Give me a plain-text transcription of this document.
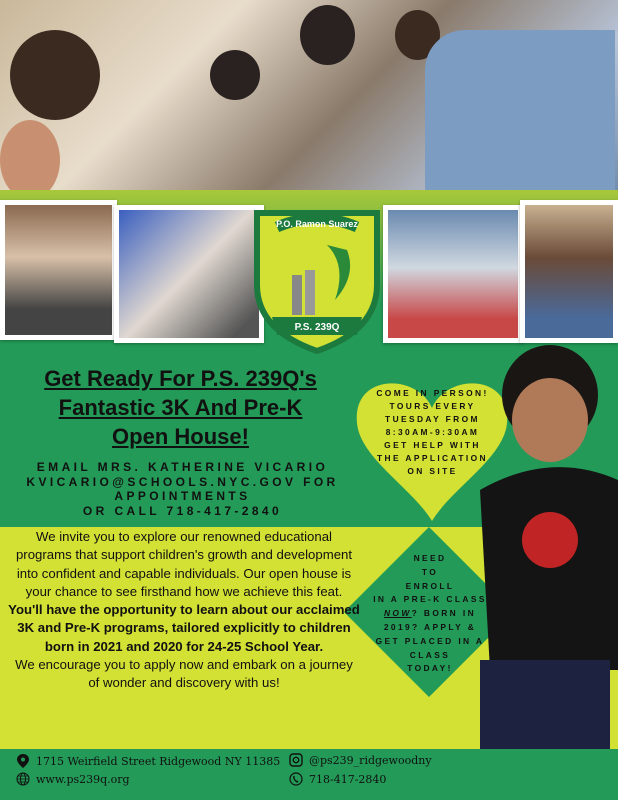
P.O. Ramon Suarez
P.S. 239Q
Get Ready For P.S. 239Q's
Fantastic 3K And Pre-K
Open House!
EMAIL MRS. KATHERINE VICARIO
KVICARIO@SCHOOLS.NYC.GOV FOR
APPOINTMENTS
OR CALL 718-417-2840
COME IN PERSON!
TOURS EVERY
TUESDAY FROM
8:30AM-9:30AM
GET HELP WITH
THE APPLICATION
ON SITE
NEED
TO
ENROLL
IN A PRE-K CLASS
NOW? BORN IN
2019? APPLY &
GET PLACED IN A
CLASS
TODAY!
We invite you to explore our renowned educational programs that support children's growth and development into confident and capable individuals. Our open house is your chance to see firsthand how we achieve this feat.
You'll have the opportunity to learn about our acclaimed 3K and Pre-K programs, tailored explicitly to children born in 2021 and 2020 for 24-25 School Year.
We encourage you to apply now and embark on a journey of wonder and discovery with us!
1715 Weirfield Street Ridgewood NY 11385
www.ps239q.org
@ps239_ridgewoodny
718-417-2840
